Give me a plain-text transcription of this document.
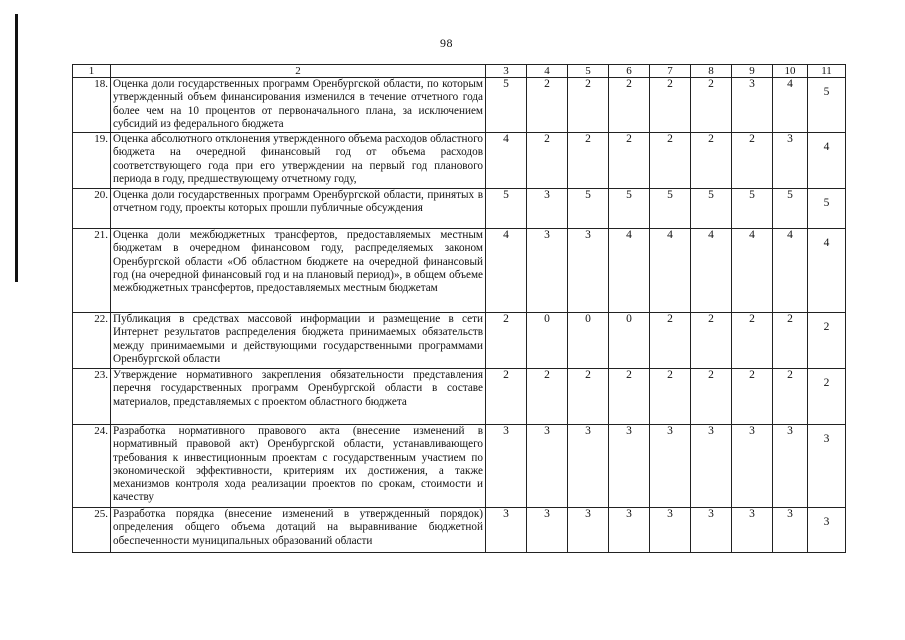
98
1	2	3	4	5	6	7	8	9	10	11
18.	Оценка доли государственных программ Оренбургской области, по которым утвержденный объем финансирования изменился в течение отчетного года более чем на 10 процентов от первоначального плана, за исключением субсидий из федерального бюджета	5	2	2	2	2	2	3	4	5
19.	Оценка абсолютного отклонения утвержденного объема расходов областного бюджета на очередной финансовый год от объема расходов соответствующего года при его утверждении на первый год планового периода в году, предшествующему отчетному году,	4	2	2	2	2	2	2	3	4
20.	Оценка доли государственных программ Оренбургской области, принятых в отчетном году, проекты которых прошли публичные обсуждения	5	3	5	5	5	5	5	5	5
21.	Оценка доли межбюджетных трансфертов, предоставляемых местным бюджетам в очередном финансовом году, распределяемых законом Оренбургской области «Об областном бюджете на очередной финансовый год (на очередной финансовый год и на плановый период)», в общем объеме межбюджетных трансфертов, предоставляемых местным бюджетам	4	3	3	4	4	4	4	4	4
22.	Публикация в средствах массовой информации и размещение в сети Интернет результатов распределения бюджета принимаемых обязательств между принимаемыми и действующими государственными программами Оренбургской области	2	0	0	0	2	2	2	2	2
23.	Утверждение нормативного закрепления обязательности представления перечня государственных программ Оренбургской области в составе материалов, представляемых с проектом областного бюджета	2	2	2	2	2	2	2	2	2
24.	Разработка нормативного правового акта (внесение изменений в нормативный правовой акт) Оренбургской области, устанавливающего требования к инвестиционным проектам с государственным участием по экономической эффективности, критериям их достижения, а также механизмов контроля хода реализации проектов по срокам, стоимости и качеству	3	3	3	3	3	3	3	3	3
25.	Разработка порядка (внесение изменений в утвержденный порядок) определения общего объема дотаций на выравнивание бюджетной обеспеченности муниципальных образований области	3	3	3	3	3	3	3	3	3
